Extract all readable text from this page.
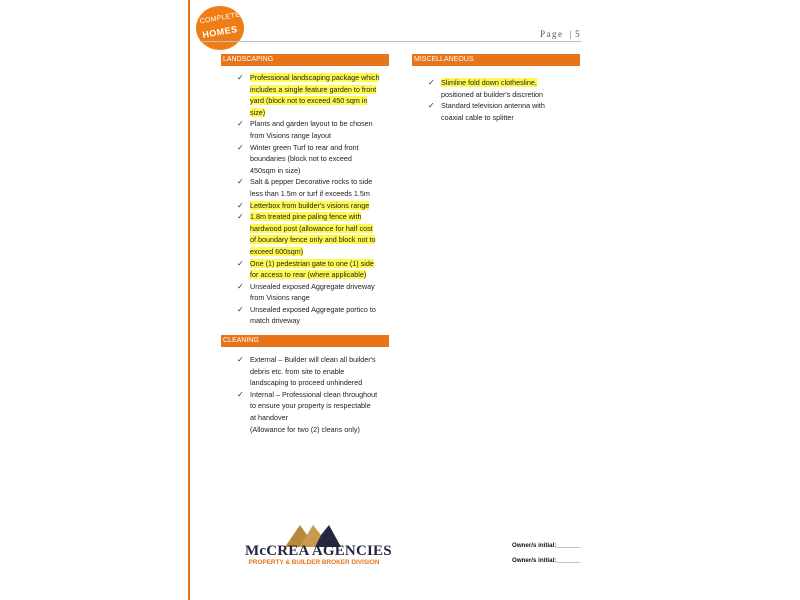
COMPLETE
HOMES	Page  | 5
LANDSCAPING
✓ Professional landscaping package which
includes a single feature garden to front
yard (block not to exceed 450 sqm in
size)
✓ Plants and garden layout to be chosen
from Visions range layout
✓ Winter green Turf to rear and front
boundaries (block not to exceed
450sqm in size)
✓ Salt & pepper Decorative rocks to side
less than 1.5m or turf if exceeds 1.5m
✓ Letterbox from builder's visions range
✓ 1.8m treated pine paling fence with
hardwood post (allowance for half cost
of boundary fence only and block not to
exceed 600sqm)
✓ One (1) pedestrian gate to one (1) side
for access to rear (where applicable)
✓ Unsealed exposed Aggregate driveway
from Visions range
✓ Unsealed exposed Aggregate portico to
match driveway
CLEANING
✓ External – Builder will clean all builder's
debris etc. from site to enable
landscaping to proceed unhindered
✓ Internal – Professional clean throughout
to ensure your property is respectable
at handover
(Allowance for two (2) cleans only)
MISCELLANEOUS
✓ Slimline fold down clothesline,
positioned at builder's discretion
✓ Standard television antenna with
coaxial cable to splitter
McCREA AGENCIES
PROPERTY & BUILDER BROKER DIVISION
Owner/s initial:_______
Owner/s initial:_______
